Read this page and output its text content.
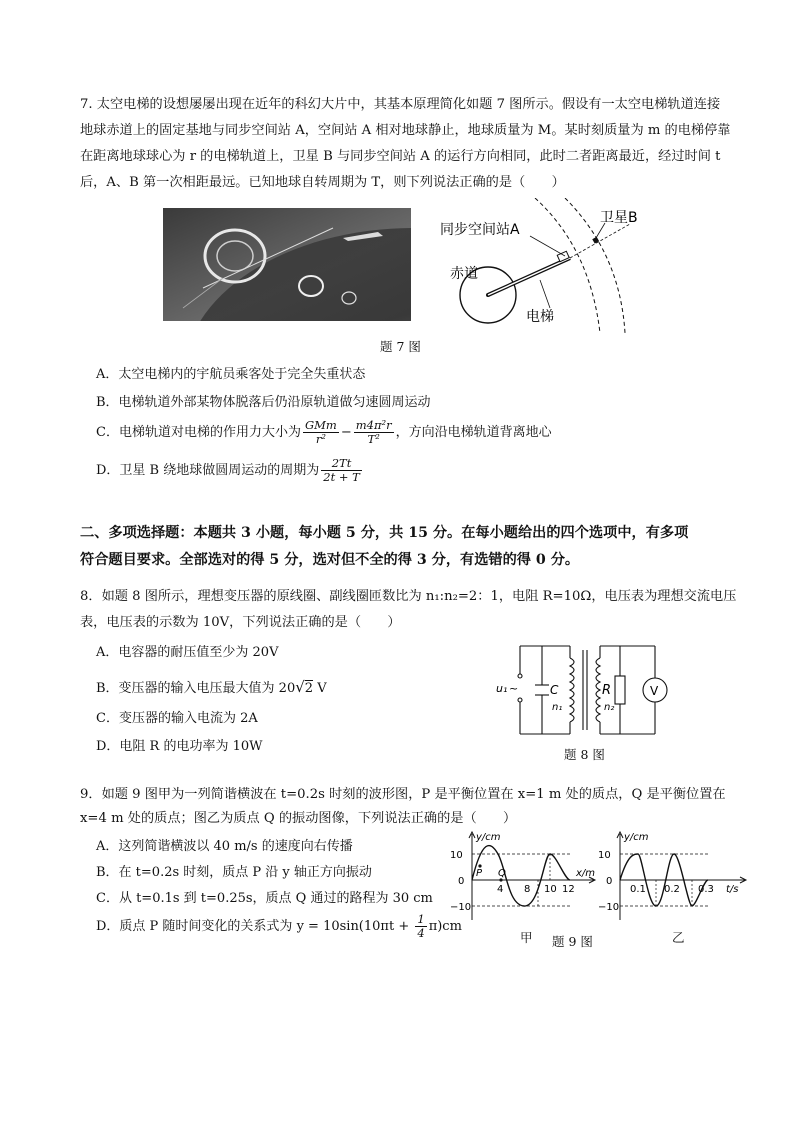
7. 太空电梯的设想屡屡出现在近年的科幻大片中，其基本原理简化如题 7 图所示。假设有一太空电梯轨道连接
地球赤道上的固定基地与同步空间站 A，空间站 A 相对地球静止，地球质量为 M。某时刻质量为 m 的电梯停靠
在距离地球球心为 r 的电梯轨道上，卫星 B 与同步空间站 A 的运行方向相同，此时二者距离最近，经过时间 t
后，A、B 第一次相距最远。已知地球自转周期为 T，则下列说法正确的是（　　）
同步空间站A
卫星B
赤道
电梯
题 7 图
A．太空电梯内的宇航员乘客处于完全失重状态
B．电梯轨道外部某物体脱落后仍沿原轨道做匀速圆周运动
C．电梯轨道对电梯的作用力大小为 $\frac{\text{GMm}}{\text{r²}} - \frac{\text{m4π²r}}{\text{T²}}$ ，方向沿电梯轨道背离地心
D．卫星 B 绕地球做圆周运动的周期为 $\frac{2Tt}{2t + T}$
二、多项选择题：本题共 3 小题，每小题 5 分，共 15 分。在每小题给出的四个选项中，有多项
符合题目要求。全部选对的得 5 分，选对但不全的得 3 分，有选错的得 0 分。
8．如题 8 图所示，理想变压器的原线圈、副线圈匝数比为 n₁:n₂=2：1，电阻 R=10Ω，电压表为理想交流电压
表，电压表的示数为 10V，下列说法正确的是（　　）
A．电容器的耐压值至少为 20V
B．变压器的输入电压最大值为 20√2 V
C．变压器的输入电流为 2A
D．电阻 R 的电功率为 10W
u₁ ~	C
n₁	n₂
R	V
题 8 图
9．如题 9 图甲为一列简谐横波在 t=0.2s 时刻的波形图，P 是平衡位置在 x=1 m 处的质点，Q 是平衡位置在
x=4 m 处的质点；图乙为质点 Q 的振动图像，下列说法正确的是（　　）
A．这列简谐横波以 40 m/s 的速度向右传播
B．在 t=0.2s 时刻，质点 P 沿 y 轴正方向振动
C．从 t=0.1s 到 t=0.25s，质点 Q 通过的路程为 30 cm
D．质点 P 随时间变化的关系式为 $y = 10\sin(10\pi t + \frac{1}{4} \pi)cm$
y/cm
10
0
−10
P Q
4 8 10 12
x/m
y/cm
10
0
−10
0.1 0.2 0.3 t/s
甲 题 9 图	乙
